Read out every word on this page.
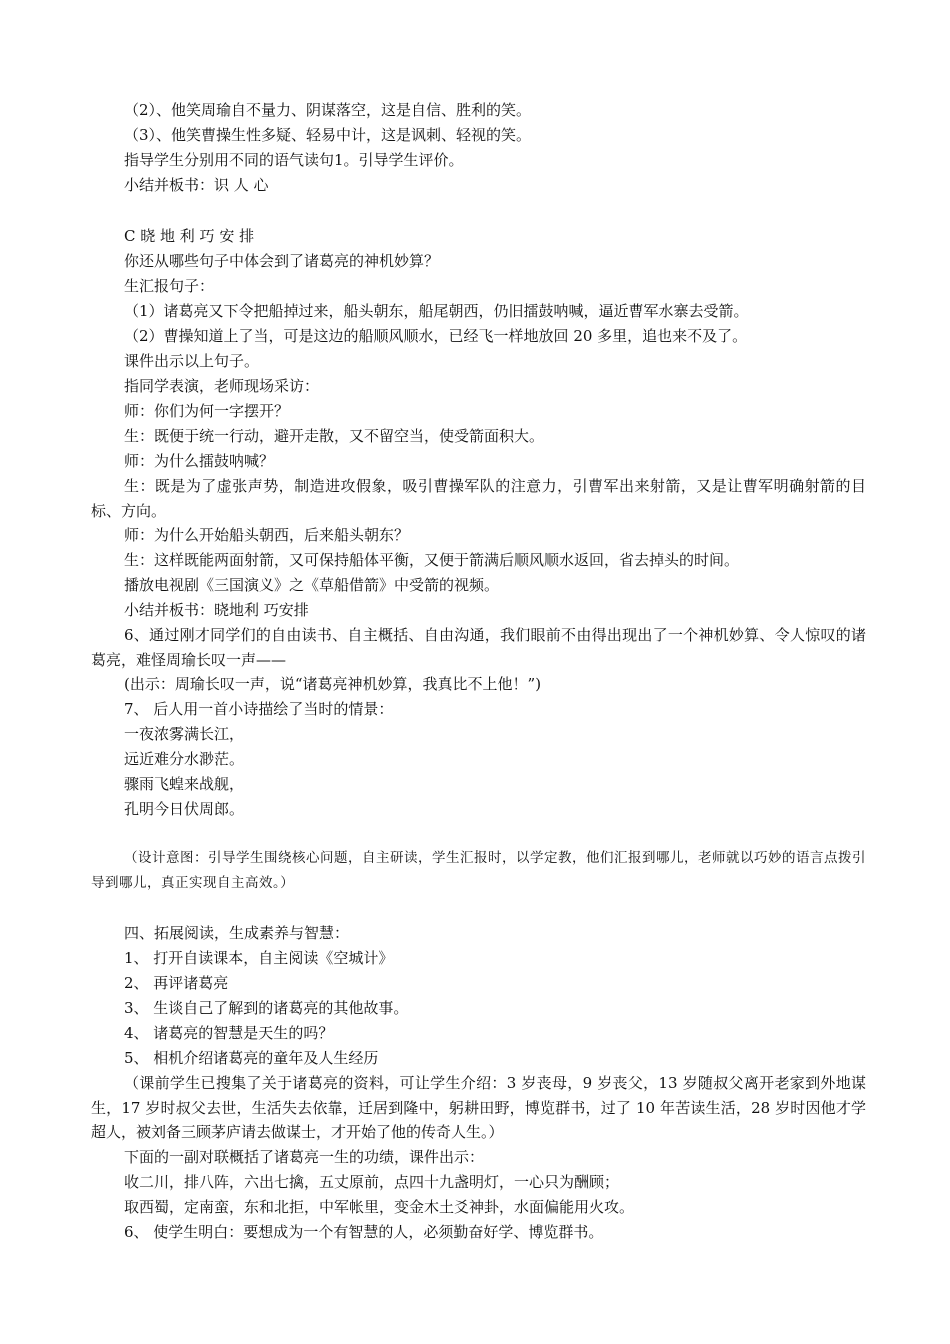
（2）、他笑周瑜自不量力、阴谋落空，这是自信、胜利的笑。
（3）、他笑曹操生性多疑、轻易中计，这是讽刺、轻视的笑。
指导学生分别用不同的语气读句1。引导学生评价。
小结并板书：识 人 心
C 晓 地 利 巧 安 排
你还从哪些句子中体会到了诸葛亮的神机妙算？
生汇报句子：
（1）诸葛亮又下令把船掉过来，船头朝东，船尾朝西，仍旧擂鼓呐喊，逼近曹军水寨去受箭。
（2）曹操知道上了当，可是这边的船顺风顺水，已经飞一样地放回 20 多里，追也来不及了。
课件出示以上句子。
指同学表演，老师现场采访：
师：你们为何一字摆开？
生：既便于统一行动，避开走散，又不留空当，使受箭面积大。
师：为什么擂鼓呐喊？
生：既是为了虚张声势，制造进攻假象，吸引曹操军队的注意力，引曹军出来射箭，又是让曹军明确射箭的目标、方向。
师：为什么开始船头朝西，后来船头朝东？
生：这样既能两面射箭，又可保持船体平衡，又便于箭满后顺风顺水返回，省去掉头的时间。
播放电视剧《三国演义》之《草船借箭》中受箭的视频。
小结并板书：晓地利 巧安排
6、通过刚才同学们的自由读书、自主概括、自由沟通，我们眼前不由得出现出了一个神机妙算、令人惊叹的诸葛亮，难怪周瑜长叹一声——
(出示：周瑜长叹一声，说“诸葛亮神机妙算，我真比不上他！”)
7、 后人用一首小诗描绘了当时的情景：
一夜浓雾满长江，
远近难分水渺茫。
骤雨飞蝗来战舰，
孔明今日伏周郎。
（设计意图：引导学生围绕核心问题，自主研读，学生汇报时，以学定教，他们汇报到哪儿，老师就以巧妙的语言点拨引导到哪儿，真正实现自主高效。）
四、拓展阅读，生成素养与智慧：
1、 打开自读课本，自主阅读《空城计》
2、 再评诸葛亮
3、 生谈自己了解到的诸葛亮的其他故事。
4、 诸葛亮的智慧是天生的吗？
5、 相机介绍诸葛亮的童年及人生经历
（课前学生已搜集了关于诸葛亮的资料，可让学生介绍：3 岁丧母，9 岁丧父，13 岁随叔父离开老家到外地谋生，17 岁时叔父去世，生活失去依靠，迁居到隆中，躬耕田野，博览群书，过了 10 年苦读生活，28 岁时因他才学超人，被刘备三顾茅庐请去做谋士，才开始了他的传奇人生。）
下面的一副对联概括了诸葛亮一生的功绩，课件出示：
收二川，排八阵，六出七擒，五丈原前，点四十九盏明灯，一心只为酬顾；
取西蜀，定南蛮，东和北拒，中军帐里，变金木土爻神卦，水面偏能用火攻。
6、 使学生明白：要想成为一个有智慧的人，必须勤奋好学、博览群书。
